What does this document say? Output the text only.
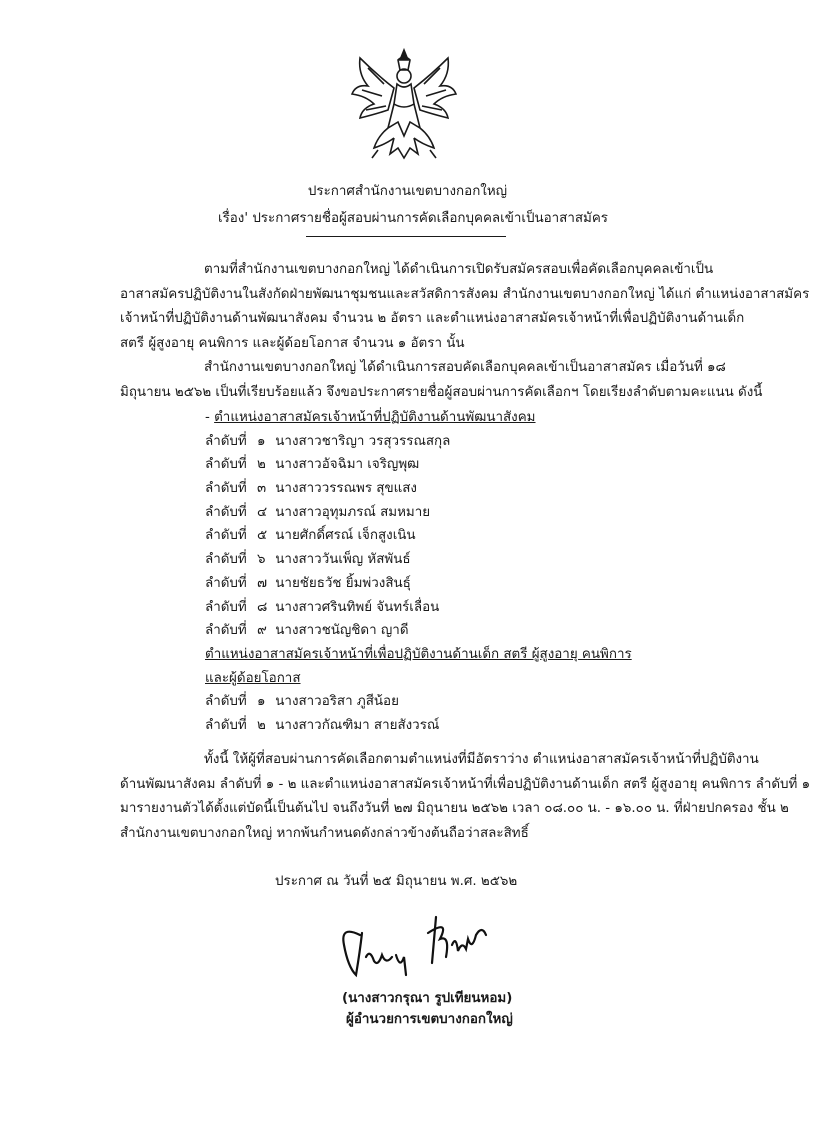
ประกาศสำนักงานเขตบางกอกใหญ่
เรื่อง' ประกาศรายชื่อผู้สอบผ่านการคัดเลือกบุคคลเข้าเป็นอาสาสมัคร

ตามที่สำนักงานเขตบางกอกใหญ่ ได้ดำเนินการเปิดรับสมัครสอบเพื่อคัดเลือกบุคคลเข้าเป็น

อาสาสมัครปฏิบัติงานในสังกัดฝ่ายพัฒนาชุมชนและสวัสดิการสังคม สำนักงานเขตบางกอกใหญ่ ได้แก่ ตำแหน่งอาสาสมัคร

เจ้าหน้าที่ปฏิบัติงานด้านพัฒนาสังคม จำนวน ๒ อัตรา และตำแหน่งอาสาสมัครเจ้าหน้าที่เพื่อปฏิบัติงานด้านเด็ก

สตรี ผู้สูงอายุ คนพิการ และผู้ด้อยโอกาส จำนวน ๑ อัตรา นั้น

สำนักงานเขตบางกอกใหญ่ ได้ดำเนินการสอบคัดเลือกบุคคลเข้าเป็นอาสาสมัคร เมื่อวันที่ ๑๘

มิถุนายน ๒๕๖๒ เป็นที่เรียบร้อยแล้ว จึงขอประกาศรายชื่อผู้สอบผ่านการคัดเลือกฯ โดยเรียงลำดับตามคะแนน ดังนี้

- ตำแหน่งอาสาสมัครเจ้าหน้าที่ปฏิบัติงานด้านพัฒนาสังคม
ลำดับที่ ๑ นางสาวชาริญา วรสุวรรณสกุล
ลำดับที่ ๒ นางสาวอัจฉิมา เจริญพุฒ
ลำดับที่ ๓ นางสาววรรณพร สุขแสง
ลำดับที่ ๔ นางสาวอุทุมภรณ์ สมหมาย
ลำดับที่ ๕ นายศักดิ์ศรณ์ เจ็กสูงเนิน
ลำดับที่ ๖ นางสาววันเพ็ญ หัสพันธ์
ลำดับที่ ๗ นายชัยธวัช ยิ้มพ่วงสินธุ์
ลำดับที่ ๘ นางสาวศรินทิพย์ จันทร์เลื่อน
ลำดับที่ ๙ นางสาวชนัญชิดา ญาดี
ตำแหน่งอาสาสมัครเจ้าหน้าที่เพื่อปฏิบัติงานด้านเด็ก สตรี ผู้สูงอายุ คนพิการ
และผู้ด้อยโอกาส
ลำดับที่ ๑ นางสาวอริสา ภูสีน้อย
ลำดับที่ ๒ นางสาวกัณฑิมา สายสังวรณ์

ทั้งนี้ ให้ผู้ที่สอบผ่านการคัดเลือกตามตำแหน่งที่มีอัตราว่าง ตำแหน่งอาสาสมัครเจ้าหน้าที่ปฏิบัติงาน

ด้านพัฒนาสังคม ลำดับที่ ๑ - ๒ และตำแหน่งอาสาสมัครเจ้าหน้าที่เพื่อปฏิบัติงานด้านเด็ก สตรี ผู้สูงอายุ คนพิการ ลำดับที่ ๑

มารายงานตัวได้ตั้งแต่บัดนี้เป็นต้นไป จนถึงวันที่ ๒๗ มิถุนายน ๒๕๖๒ เวลา ๐๘.๐๐ น. - ๑๖.๐๐ น. ที่ฝ่ายปกครอง ชั้น ๒

สำนักงานเขตบางกอกใหญ่ หากพ้นกำหนดดังกล่าวข้างต้นถือว่าสละสิทธิ์

ประกาศ ณ วันที่ ๒๕ มิถุนายน พ.ศ. ๒๕๖๒
(นางสาวกรุณา รูปเทียนหอม)
ผู้อำนวยการเขตบางกอกใหญ่
